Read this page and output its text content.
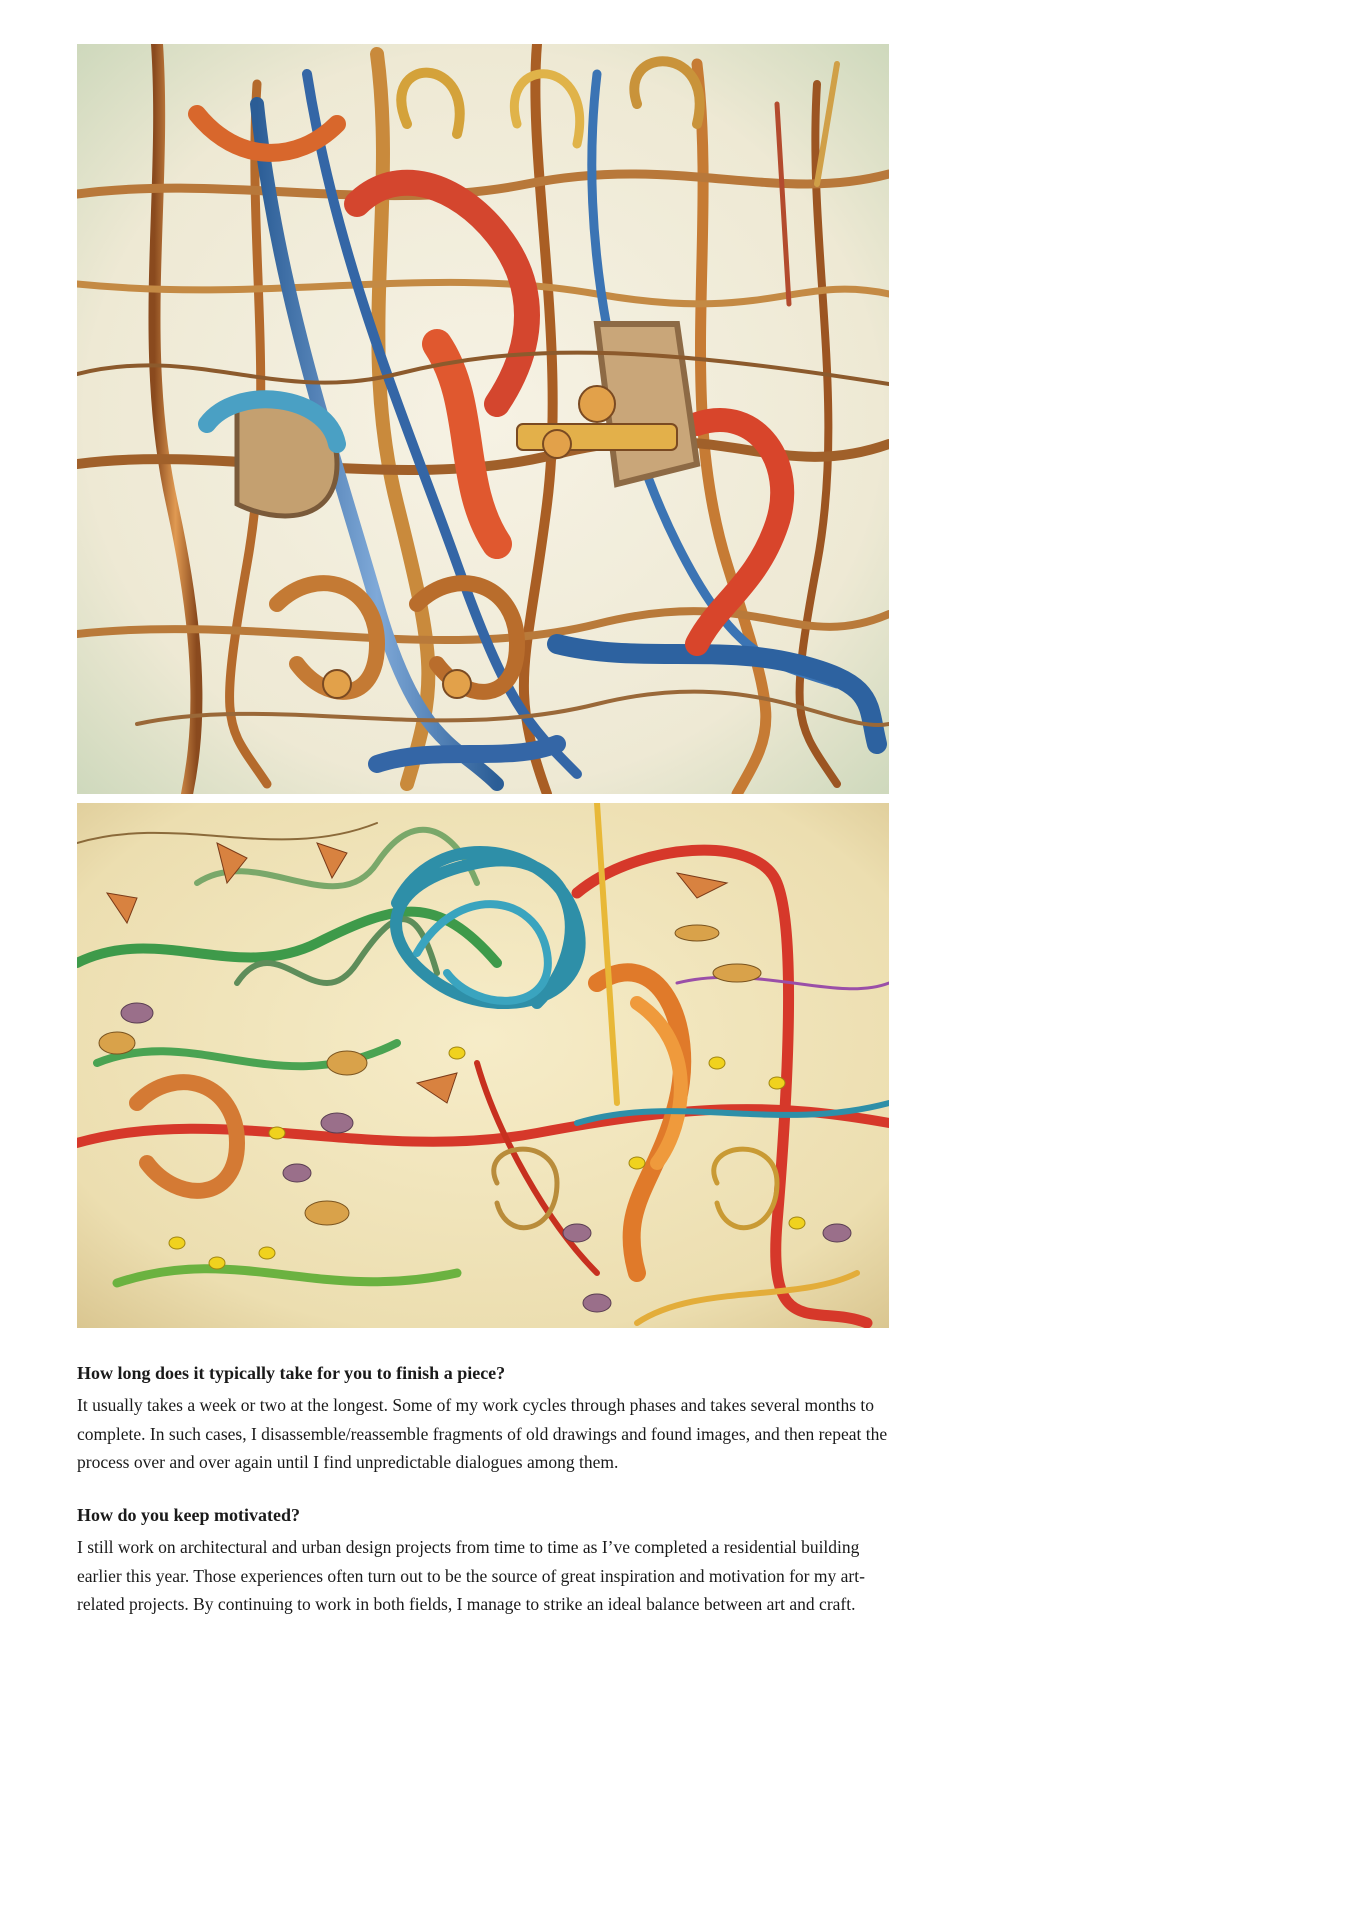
How long does it typically take for you to finish a piece?

It usually takes a week or two at the longest. Some of my work cycles through phases and takes several months to complete. In such cases, I disassemble/reassemble fragments of old drawings and found images, and then repeat the process over and over again until I find unpredictable dialogues among them.

How do you keep motivated?

I still work on architectural and urban design projects from time to time as I’ve completed a residential building earlier this year. Those experiences often turn out to be the source of great inspiration and motivation for my art-related projects. By continuing to work in both fields, I manage to strike an ideal balance between art and craft.
